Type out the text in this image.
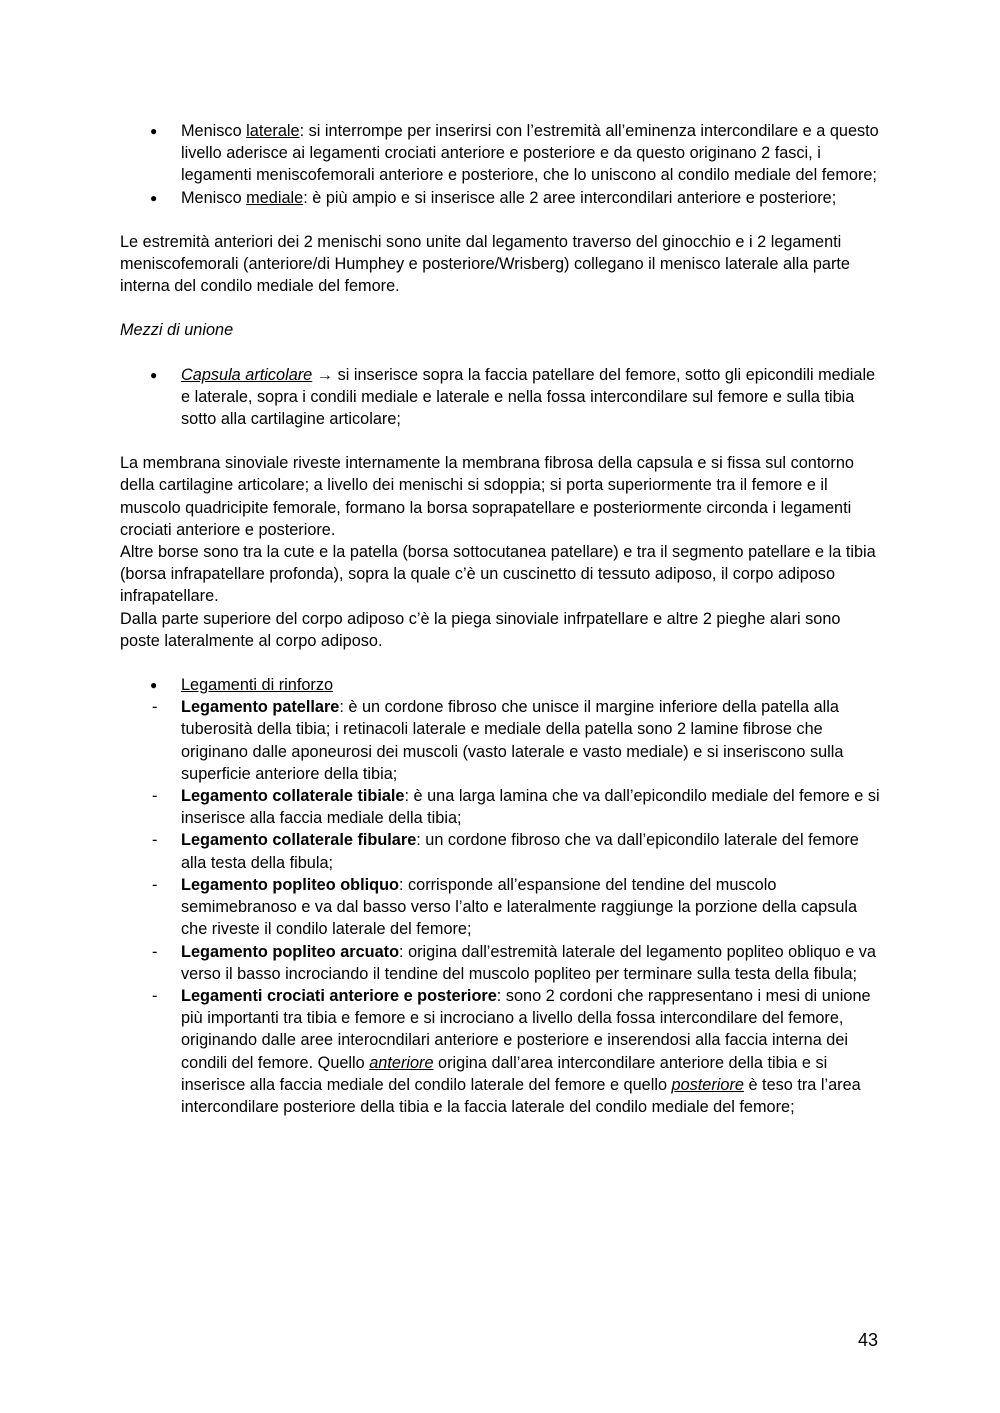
● Menisco laterale: si interrompe per inserirsi con l’estremità all’eminenza intercondilare e a questo livello aderisce ai legamenti crociati anteriore e posteriore e da questo originano 2 fasci, i legamenti meniscofemorali anteriore e posteriore, che lo uniscono al condilo mediale del femore;
● Menisco mediale: è più ampio e si inserisce alle 2 aree intercondilari anteriore e posteriore;

Le estremità anteriori dei 2 menischi sono unite dal legamento traverso del ginocchio e i 2 legamenti meniscofemorali (anteriore/di Humphey e posteriore/Wrisberg) collegano il menisco laterale alla parte interna del condilo mediale del femore.

Mezzi di unione

● Capsula articolare → si inserisce sopra la faccia patellare del femore, sotto gli epicondili mediale e laterale, sopra i condili mediale e laterale e nella fossa intercondilare sul femore e sulla tibia sotto alla cartilagine articolare;

La membrana sinoviale riveste internamente la membrana fibrosa della capsula e si fissa sul contorno della cartilagine articolare; a livello dei menischi si sdoppia; si porta superiormente tra il femore e il muscolo quadricipite femorale, formano la borsa soprapatellare e posteriormente circonda i legamenti crociati anteriore e posteriore.

Altre borse sono tra la cute e la patella (borsa sottocutanea patellare) e tra il segmento patellare e la tibia (borsa infrapatellare profonda), sopra la quale c’è un cuscinetto di tessuto adiposo, il corpo adiposo infrapatellare.

Dalla parte superiore del corpo adiposo c’è la piega sinoviale infrpatellare e altre 2 pieghe alari sono poste lateralmente al corpo adiposo.

● Legamenti di rinforzo
- Legamento patellare: è un cordone fibroso che unisce il margine inferiore della patella alla tuberosità della tibia; i retinacoli laterale e mediale della patella sono 2 lamine fibrose che originano dalle aponeurosi dei muscoli (vasto laterale e vasto mediale) e si inseriscono sulla superficie anteriore della tibia;
- Legamento collaterale tibiale: è una larga lamina che va dall’epicondilo mediale del femore e si inserisce alla faccia mediale della tibia;
- Legamento collaterale fibulare: un cordone fibroso che va dall’epicondilo laterale del femore alla testa della fibula;
- Legamento popliteo obliquo: corrisponde all’espansione del tendine del muscolo semimebranoso e va dal basso verso l’alto e lateralmente raggiunge la porzione della capsula che riveste il condilo laterale del femore;
- Legamento popliteo arcuato: origina dall’estremità laterale del legamento popliteo obliquo e va verso il basso incrociando il tendine del muscolo popliteo per terminare sulla testa della fibula;
- Legamenti crociati anteriore e posteriore: sono 2 cordoni che rappresentano i mesi di unione più importanti tra tibia e femore e si incrociano a livello della fossa intercondilare del femore, originando dalle aree interocndilari anteriore e posteriore e inserendosi alla faccia interna dei condili del femore. Quello anteriore origina dall’area intercondilare anteriore della tibia e si inserisce alla faccia mediale del condilo laterale del femore e quello posteriore è teso tra l’area intercondilare posteriore della tibia e la faccia laterale del condilo mediale del femore;
43
